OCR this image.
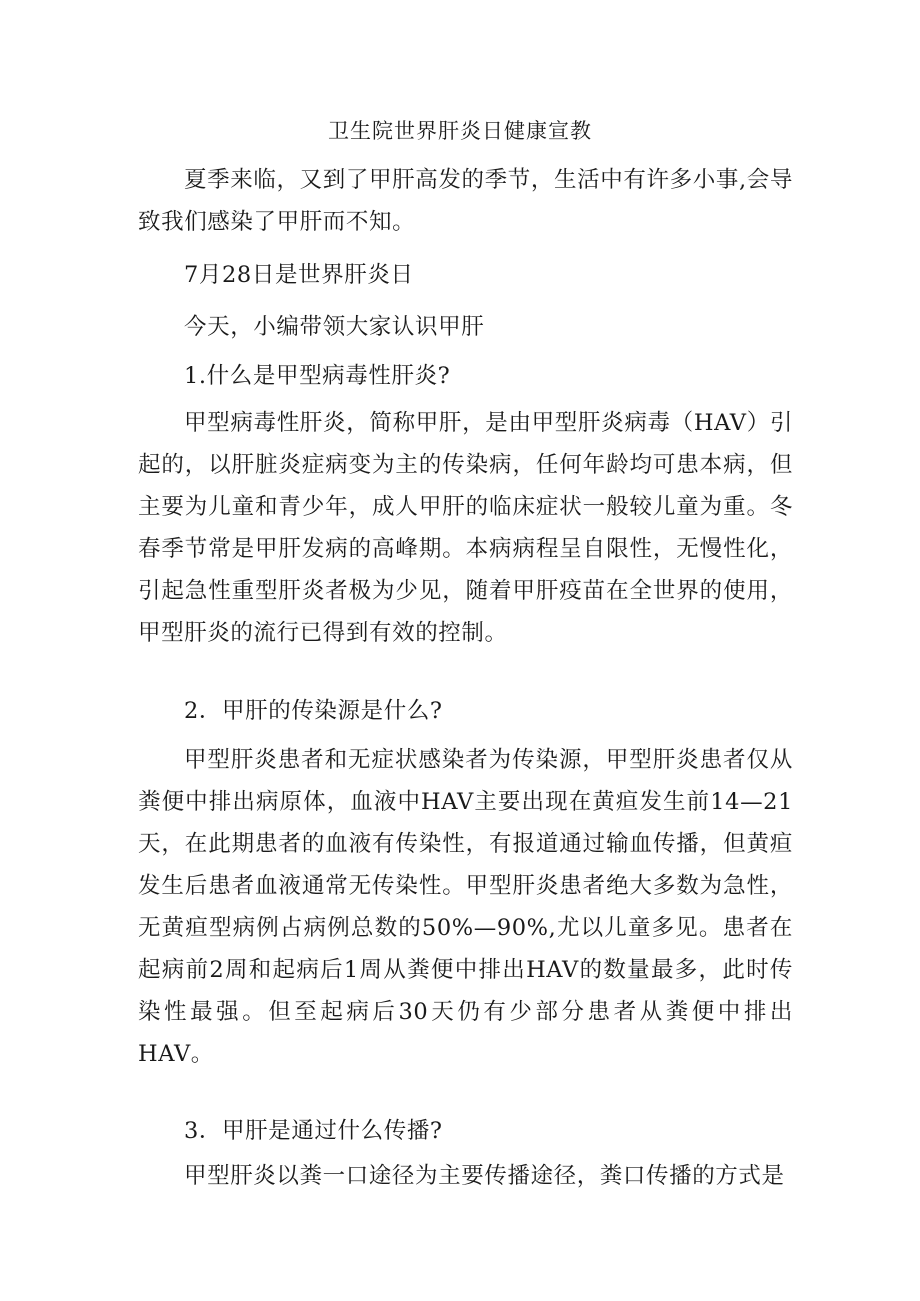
卫生院世界肝炎日健康宣教

夏季来临，又到了甲肝高发的季节，生活中有许多小事,会导致我们感染了甲肝而不知。

7月28日是世界肝炎日

今天，小编带领大家认识甲肝

1.什么是甲型病毒性肝炎?

甲型病毒性肝炎，简称甲肝，是由甲型肝炎病毒（HAV）引起的，以肝脏炎症病变为主的传染病，任何年龄均可患本病，但主要为儿童和青少年，成人甲肝的临床症状一般较儿童为重。冬春季节常是甲肝发病的高峰期。本病病程呈自限性，无慢性化，引起急性重型肝炎者极为少见，随着甲肝疫苗在全世界的使用，甲型肝炎的流行已得到有效的控制。

2．甲肝的传染源是什么?

甲型肝炎患者和无症状感染者为传染源，甲型肝炎患者仅从粪便中排出病原体，血液中HAV主要出现在黄疸发生前14—21天，在此期患者的血液有传染性，有报道通过输血传播，但黄疸发生后患者血液通常无传染性。甲型肝炎患者绝大多数为急性，无黄疸型病例占病例总数的50%—90%,尤以儿童多见。患者在起病前2周和起病后1周从粪便中排出HAV的数量最多，此时传染性最强。但至起病后30天仍有少部分患者从粪便中排出HAV。

3．甲肝是通过什么传播?

甲型肝炎以粪一口途径为主要传播途径，粪口传播的方式是
